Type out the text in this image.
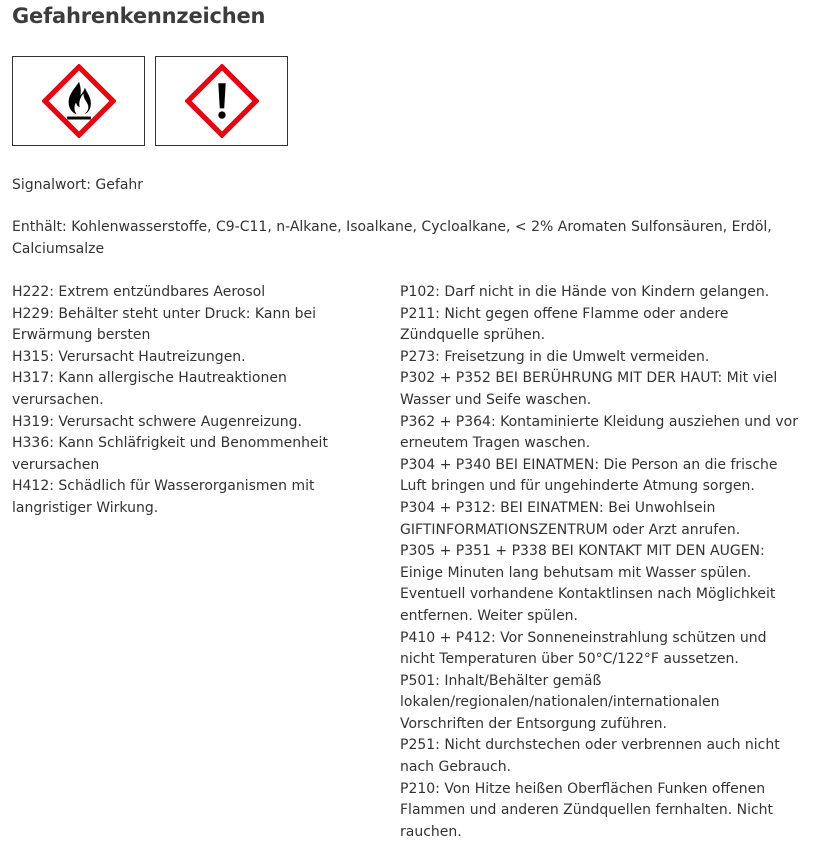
Gefahrenkennzeichen
Signalwort: Gefahr
Enthält: Kohlenwasserstoffe, C9-C11, n-Alkane, Isoalkane, Cycloalkane, < 2% Aromaten Sulfonsäuren, Erdöl, Calciumsalze
H222: Extrem entzündbares Aerosol
H229: Behälter steht unter Druck: Kann bei Erwärmung bersten
H315: Verursacht Hautreizungen.
H317: Kann allergische Hautreaktionen verursachen.
H319: Verursacht schwere Augenreizung.
H336: Kann Schläfrigkeit und Benommenheit verursachen
H412: Schädlich für Wasserorganismen mit langristiger Wirkung.
P102: Darf nicht in die Hände von Kindern gelangen.
P211: Nicht gegen offene Flamme oder andere Zündquelle sprühen.
P273: Freisetzung in die Umwelt vermeiden.
P302 + P352 BEI BERÜHRUNG MIT DER HAUT: Mit viel Wasser und Seife waschen.
P362 + P364: Kontaminierte Kleidung ausziehen und vor erneutem Tragen waschen.
P304 + P340 BEI EINATMEN: Die Person an die frische Luft bringen und für ungehinderte Atmung sorgen.
P304 + P312: BEI EINATMEN: Bei Unwohlsein GIFTINFORMATIONSZENTRUM oder Arzt anrufen.
P305 + P351 + P338 BEI KONTAKT MIT DEN AUGEN: Einige Minuten lang behutsam mit Wasser spülen. Eventuell vorhandene Kontaktlinsen nach Möglichkeit entfernen. Weiter spülen.
P410 + P412: Vor Sonneneinstrahlung schützen und nicht Temperaturen über 50°C/122°F aussetzen.
P501: Inhalt/Behälter gemäß lokalen/regionalen/nationalen/internationalen Vorschriften der Entsorgung zuführen.
P251: Nicht durchstechen oder verbrennen auch nicht nach Gebrauch.
P210: Von Hitze heißen Oberflächen Funken offenen Flammen und anderen Zündquellen fernhalten. Nicht rauchen.
